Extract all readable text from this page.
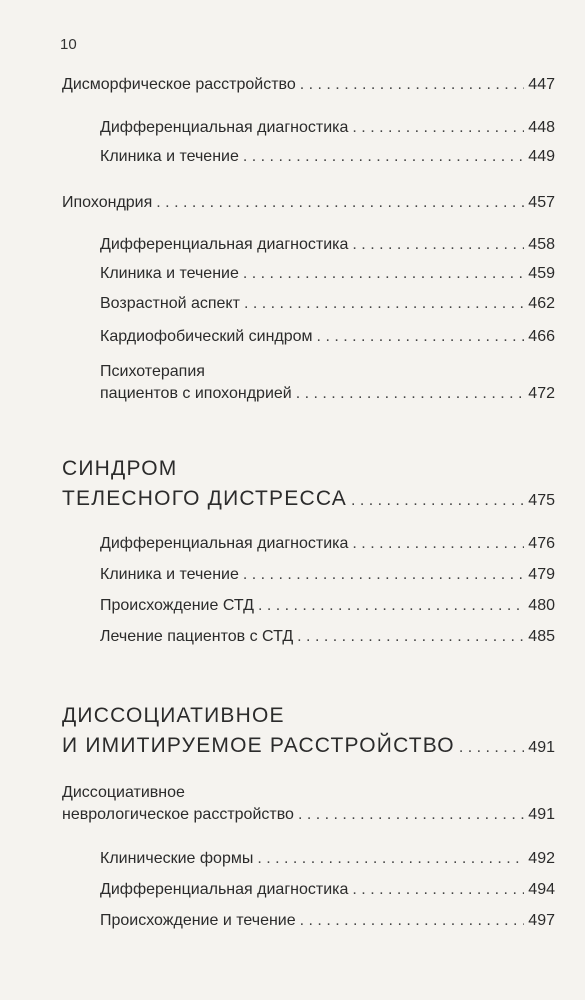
10
Дисморфическое расстройство . . .	447
Дифференциальная диагностика . . .	448
Клиника и течение . . .	449
Ипохондрия . . .	457
Дифференциальная диагностика . . .	458
Клиника и течение . . .	459
Возрастной аспект . . .	462
Кардиофобический синдром . . .	466
Психотерапия
пациентов с ипохондрией . . .	472
СИНДРОМ
ТЕЛЕСНОГО ДИСТРЕССА . . .	475
Дифференциальная диагностика . . .	476
Клиника и течение . . .	479
Происхождение СТД . . .	480
Лечение пациентов с СТД . . .	485
ДИССОЦИАТИВНОЕ
И ИМИТИРУЕМОЕ РАССТРОЙСТВО . . .	491
Диссоциативное
неврологическое расстройство . . .	491
Клинические формы . . .	492
Дифференциальная диагностика . . .	494
Происхождение и течение . . .	497
